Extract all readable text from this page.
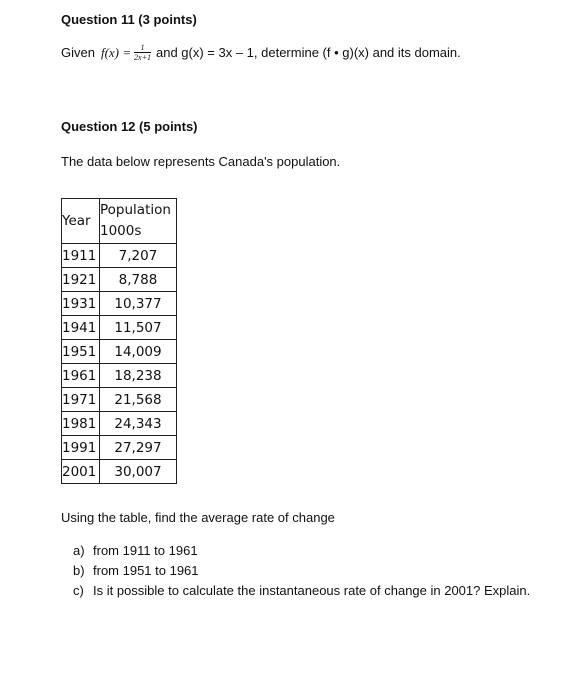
Question 11 (3 points)
Given $f(x) = \frac{1}{2x+1}$ and g(x) = 3x – 1, determine (f • g)(x) and its domain.
Question 12 (5 points)
The data below represents Canada's population.
Year	Population
1000s

1911	7,207
1921	8,788
1931	10,377
1941	11,507
1951	14,009
1961	18,238
1971	21,568
1981	24,343
1991	27,297
2001	30,007
Using the table, find the average rate of change
a) from 1911 to 1961
b) from 1951 to 1961
c) Is it possible to calculate the instantaneous rate of change in 2001? Explain.
